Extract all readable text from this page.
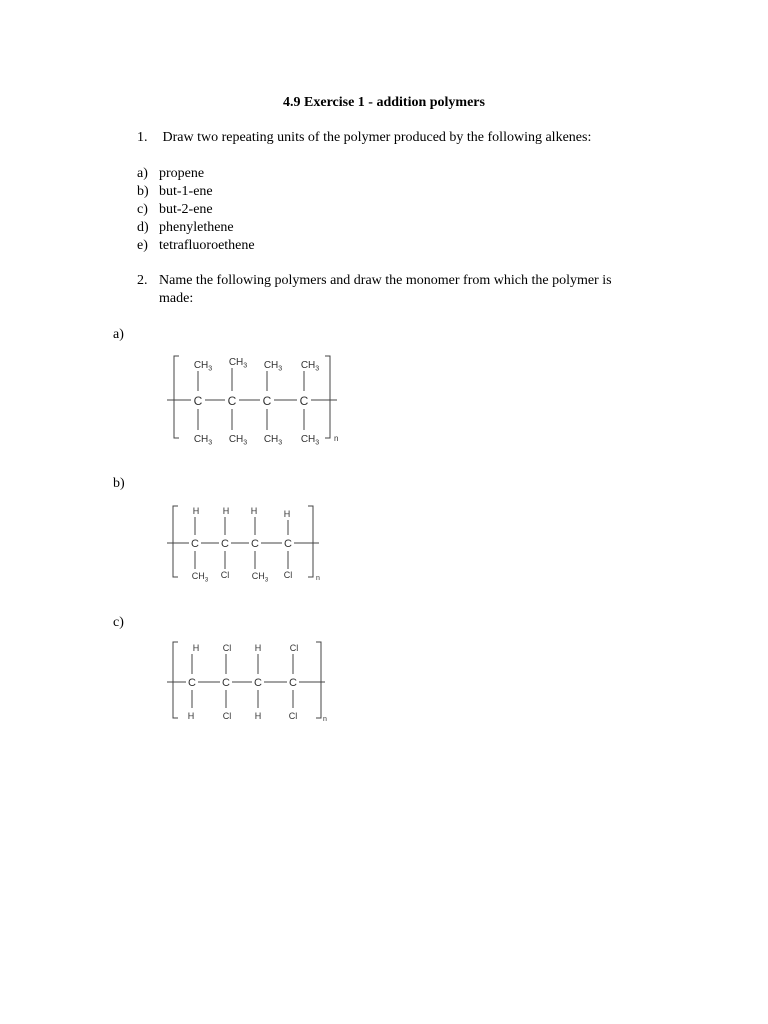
4.9 Exercise 1 - addition polymers
1. Draw two repeating units of the polymer produced by the following alkenes:
a) propene
b) but-1-ene
c) but-2-ene
d) phenylethene
e) tetrafluoroethene
2. Name the following polymers and draw the monomer from which the polymer is
made:
a)
b)
c)
C C C C
$CH_3$
$CH_3$ $CH_3$ $CH_3$
$CH_3$ $CH_3$ $CH_3$ $CH_3$ n
C C C C
H	H H	H
$CH_3$ Cl $CH_3$ Cl	n
C C C C
H	Cl	H	Cl
H	Cl	H	Cl	n
